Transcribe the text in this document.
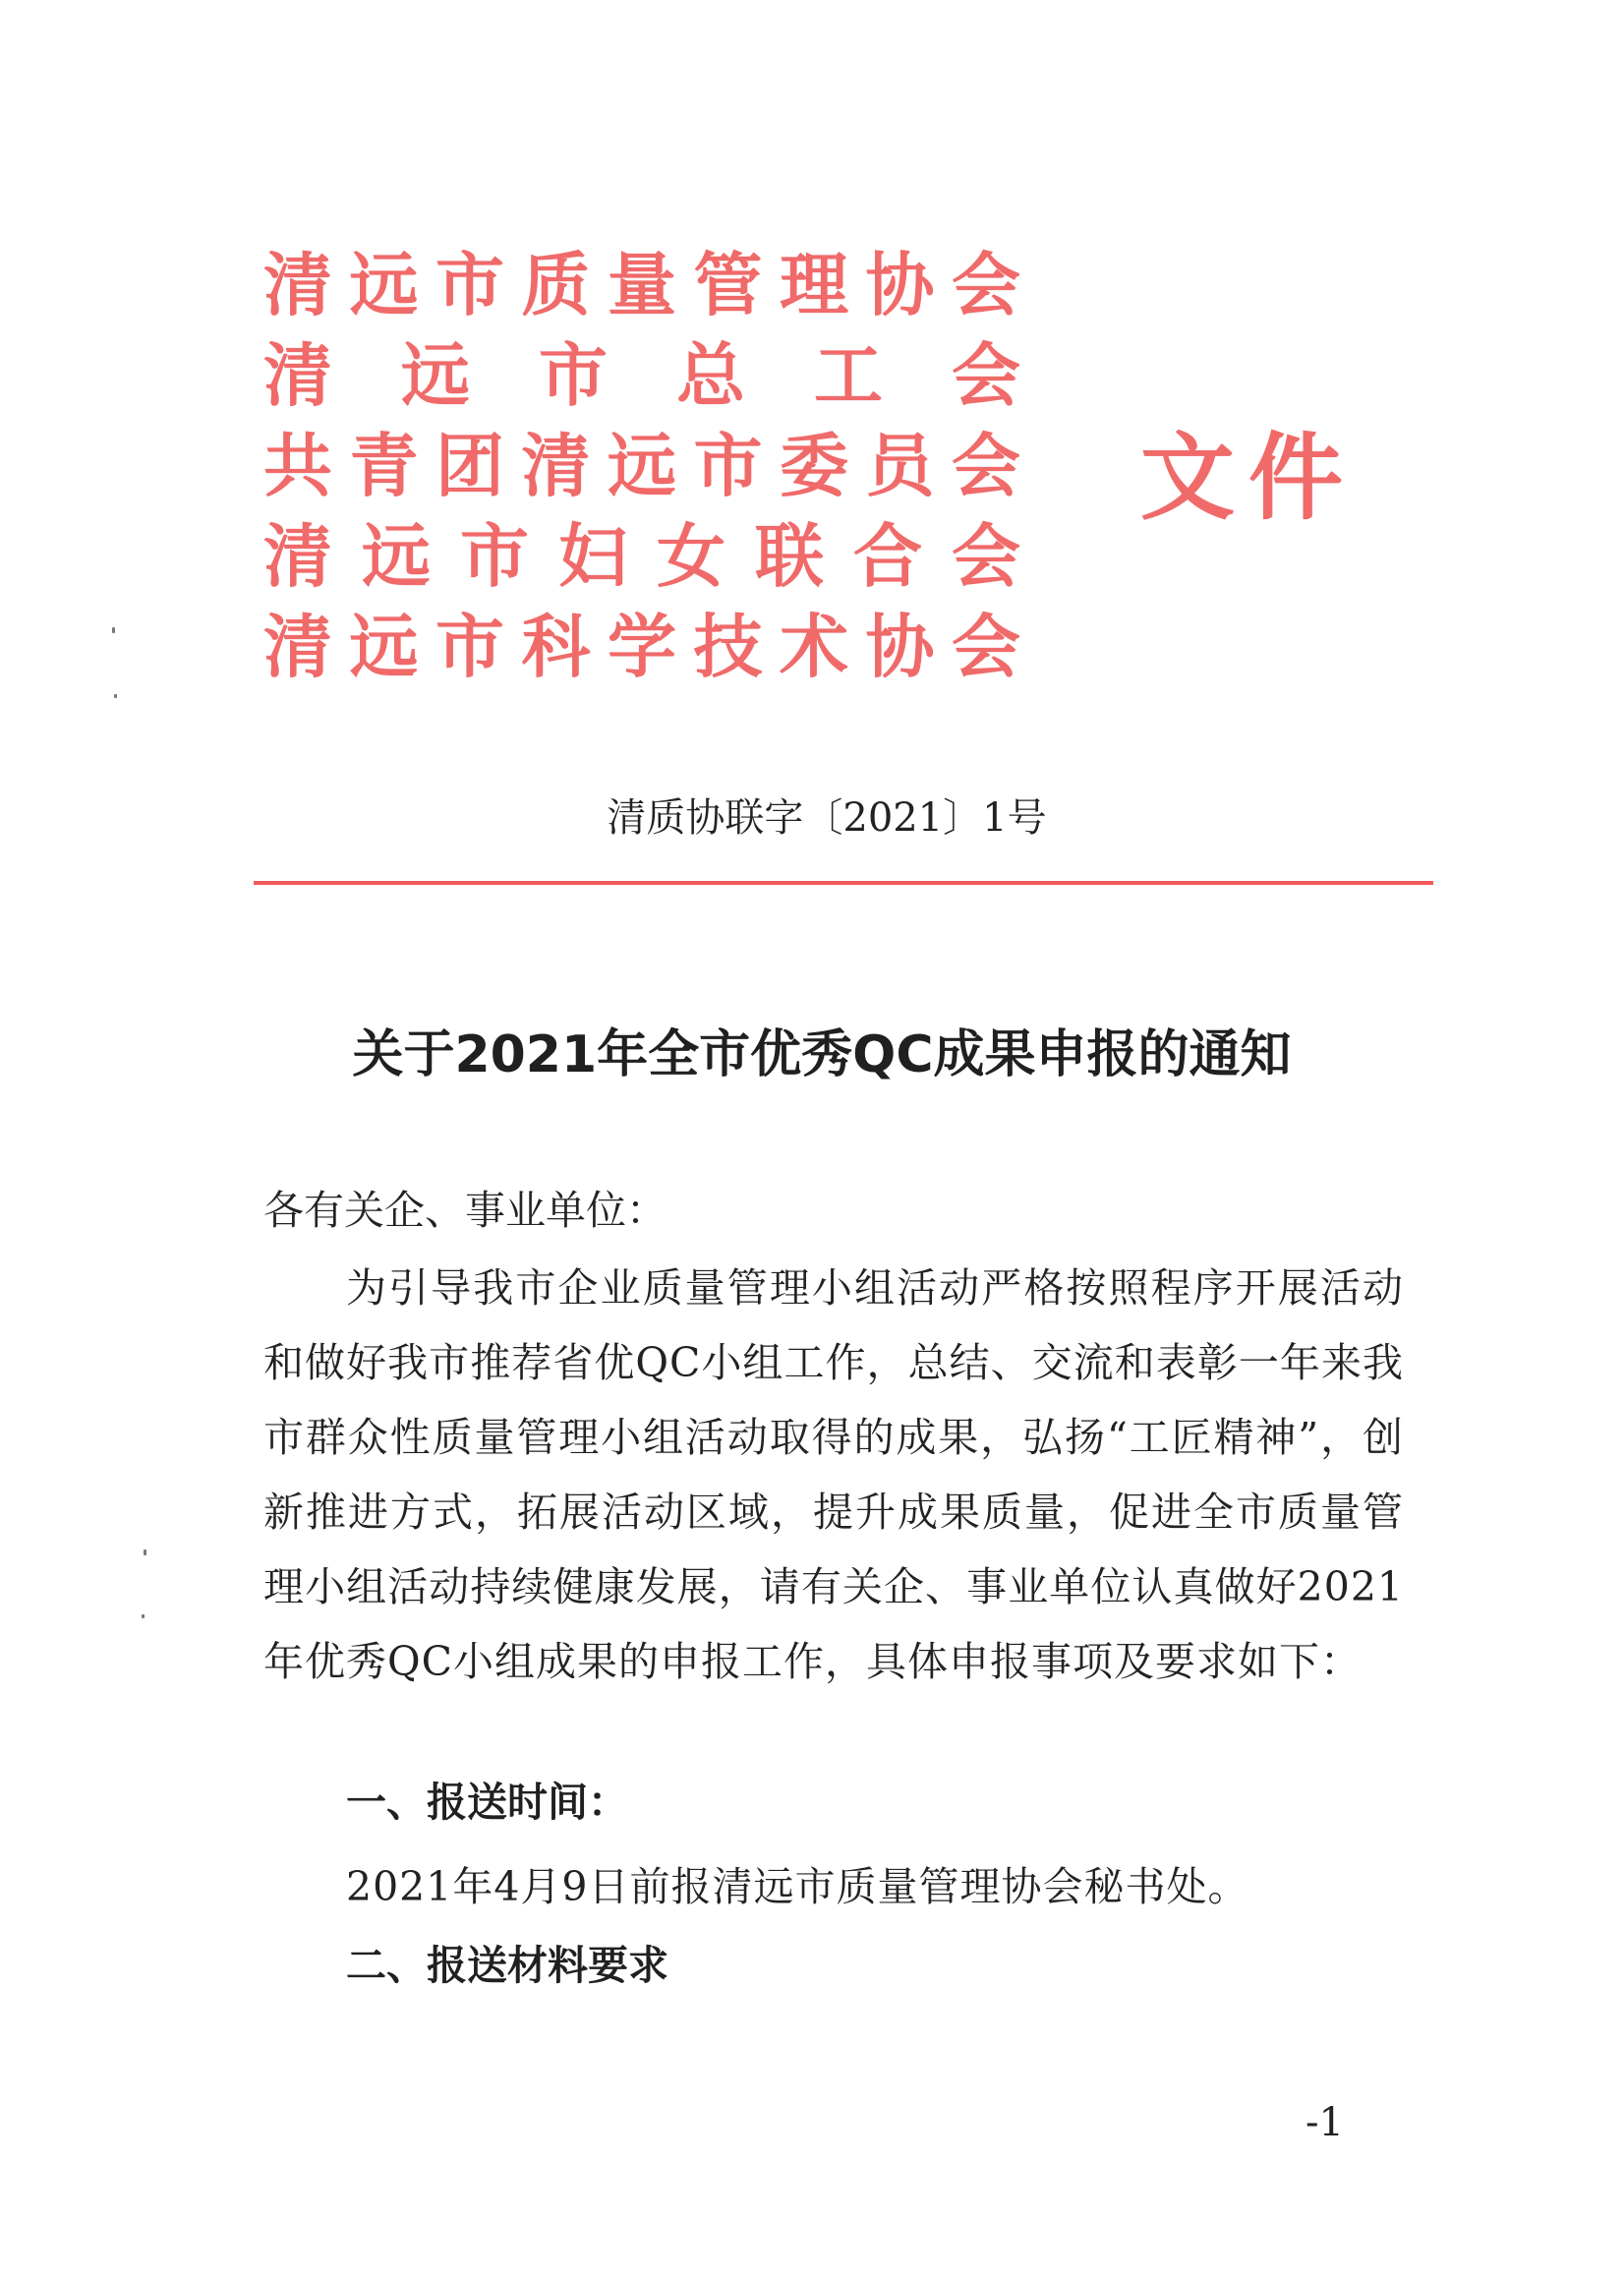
清 远 市 质 量 管 理 协 会
清 远 市 总 工 会
共 青 团 清 远 市 委 员 会
清 远 市 妇 女 联 合 会
清 远 市 科 学 技 术 协 会
文件
清质协联字〔2021〕1号
关于2021年全市优秀QC成果申报的通知
各有关企、事业单位：
为引导我市企业质量管理小组活动严格按照程序开展活动和做好我市推荐省优QC小组工作，总结、交流和表彰一年来我市群众性质量管理小组活动取得的成果，弘扬“工匠精神”，创新推进方式，拓展活动区域，提升成果质量，促进全市质量管理小组活动持续健康发展，请有关企、事业单位认真做好2021年优秀QC小组成果的申报工作，具体申报事项及要求如下：
一、报送时间：
2021年4月9日前报清远市质量管理协会秘书处。
二、报送材料要求
-1
